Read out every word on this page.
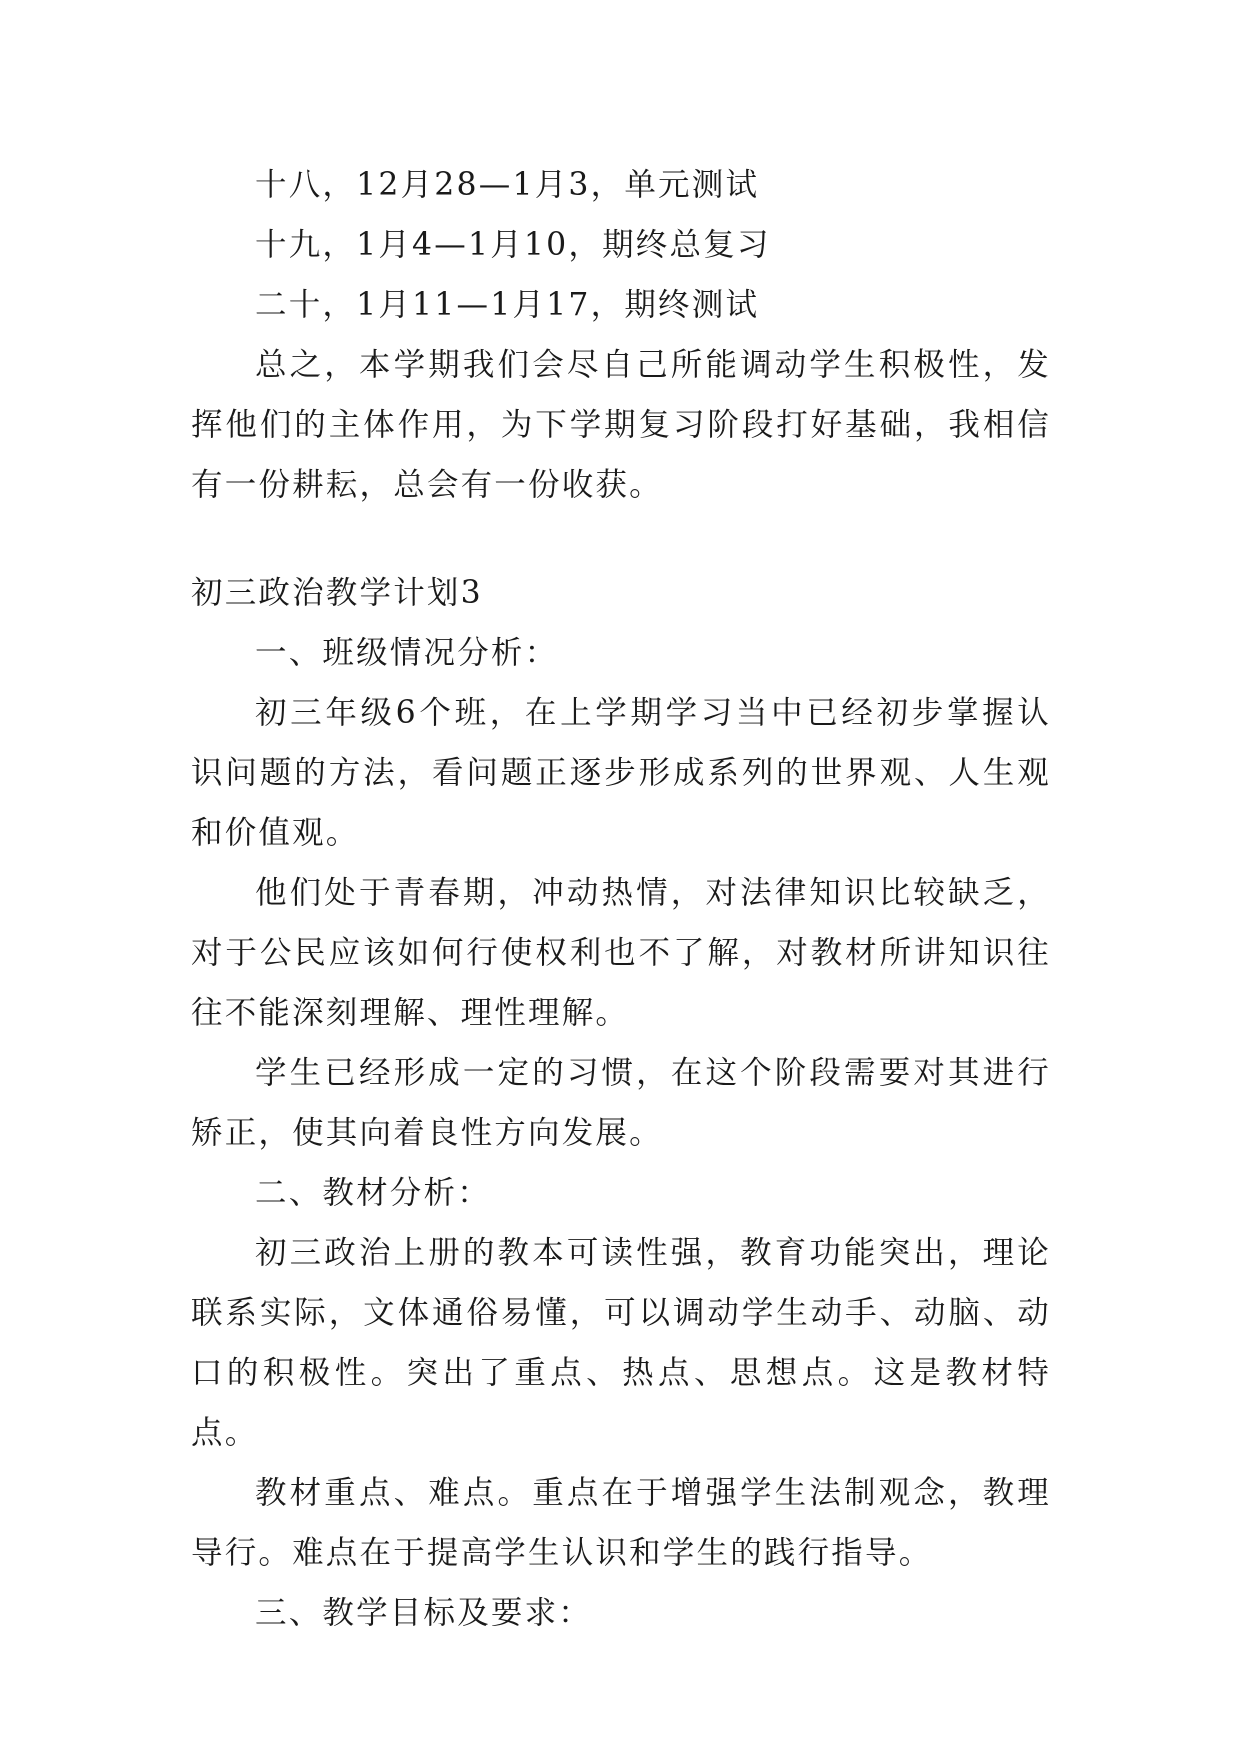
十八，12月28—1月3，单元测试

十九，1月4—1月10，期终总复习

二十，1月11—1月17，期终测试

总之，本学期我们会尽自己所能调动学生积极性，发挥他们的主体作用，为下学期复习阶段打好基础，我相信有一份耕耘，总会有一份收获。

初三政治教学计划3

一、班级情况分析：

初三年级6个班，在上学期学习当中已经初步掌握认识问题的方法，看问题正逐步形成系列的世界观、人生观和价值观。

他们处于青春期，冲动热情，对法律知识比较缺乏，对于公民应该如何行使权利也不了解，对教材所讲知识往往不能深刻理解、理性理解。

学生已经形成一定的习惯，在这个阶段需要对其进行矫正，使其向着良性方向发展。

二、教材分析：

初三政治上册的教本可读性强，教育功能突出，理论联系实际，文体通俗易懂，可以调动学生动手、动脑、动口的积极性。突出了重点、热点、思想点。这是教材特点。

教材重点、难点。重点在于增强学生法制观念，教理导行。难点在于提高学生认识和学生的践行指导。

三、教学目标及要求：
